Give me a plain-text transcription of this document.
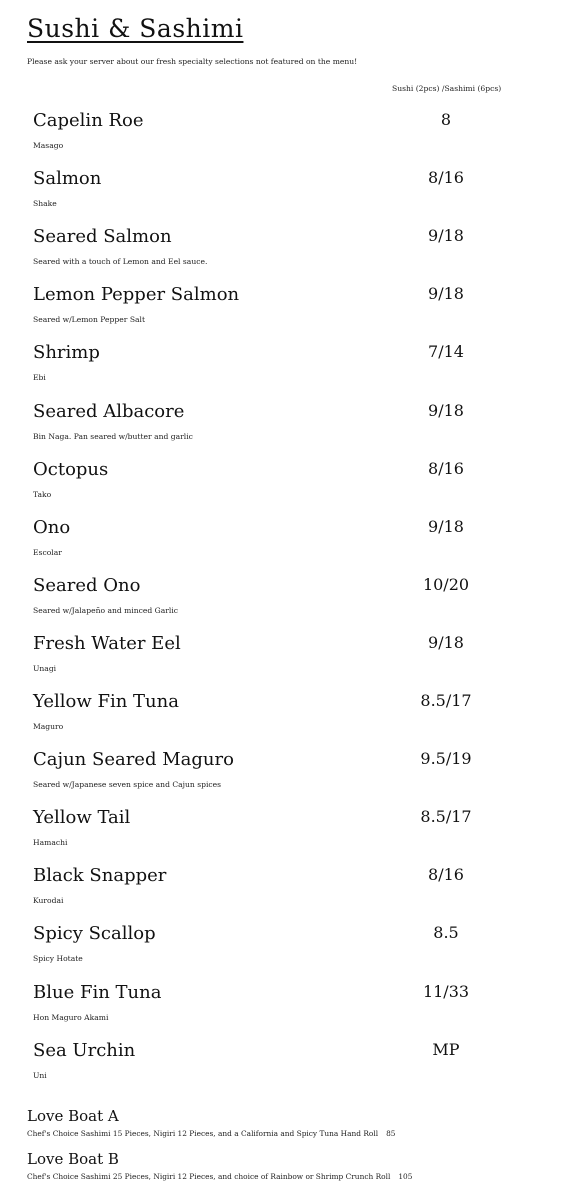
Sushi & Sashimi
Please ask your server about our fresh specialty selections not featured on the menu!
Sushi (2pcs) /Sashimi (6pcs)
Capelin Roe
Masago
8
Salmon
Shake
8/16
Seared Salmon
Seared with a touch of Lemon and Eel sauce.
9/18
Lemon Pepper Salmon
Seared w/Lemon Pepper Salt
9/18
Shrimp
Ebi
7/14
Seared Albacore
Bin Naga. Pan seared w/butter and garlic
9/18
Octopus
Tako
8/16
Ono
Escolar
9/18
Seared Ono
Seared w/Jalapeño and minced Garlic
10/20
Fresh Water Eel
Unagi
9/18
Yellow Fin Tuna
Maguro
8.5/17
Cajun Seared Maguro
Seared w/Japanese seven spice and Cajun spices
9.5/19
Yellow Tail
Hamachi
8.5/17
Black Snapper
Kurodai
8/16
Spicy Scallop
Spicy Hotate
8.5
Blue Fin Tuna
Hon Maguro Akami
11/33
Sea Urchin
Uni
MP
Love Boat A
Chef's Choice Sashimi 15 Pieces, Nigiri 12 Pieces, and a California and Spicy Tuna Hand Roll 85
Love Boat B
Chef's Choice Sashimi 25 Pieces, Nigiri 12 Pieces, and choice of Rainbow or Shrimp Crunch Roll 105
